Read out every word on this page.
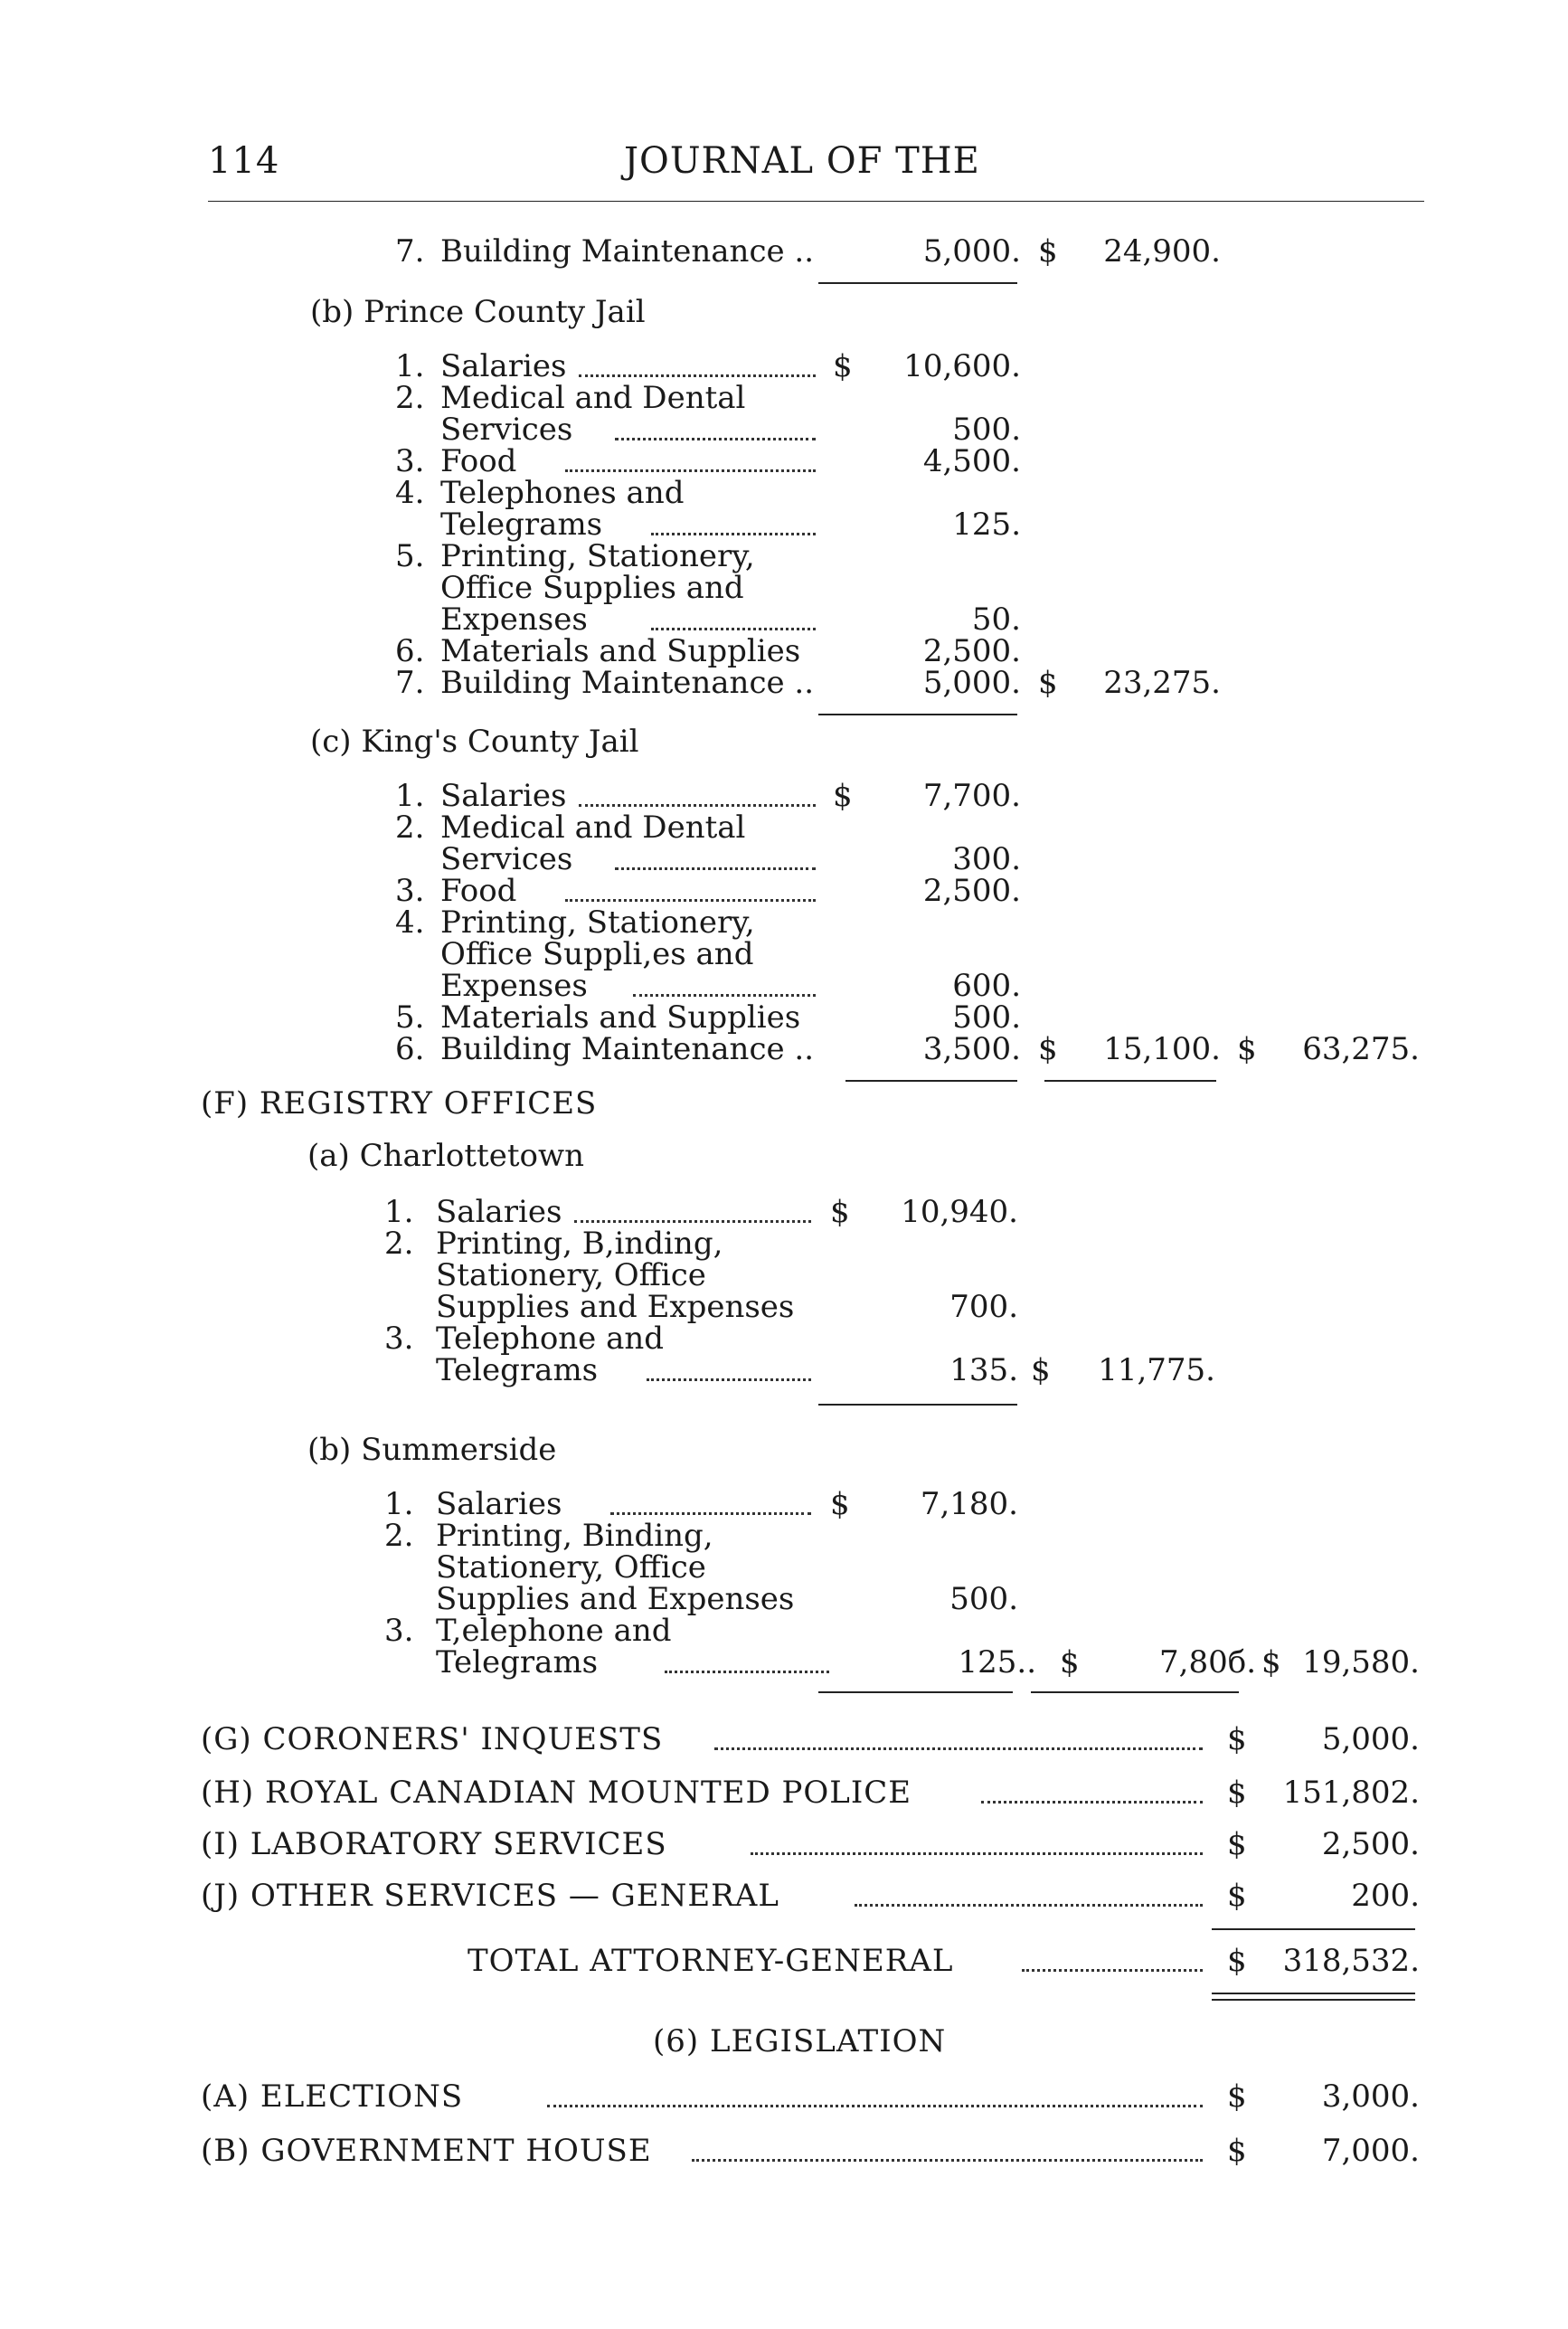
114	JOURNAL OF THE
7. Building Maintenance ..	5,000. $ 24,900.
(b) Prince County Jail
1. Salaries	$ 10,600.
2. Medical and Dental
Services	500.
3. Food	4,500.
4. Telephones and
Telegrams	125.
5. Printing, Stationery,
Office Supplies and
Expenses	50.
6. Materials and Supplies	2,500.
7. Building Maintenance ..	5,000. $ 23,275.
(c) King's County Jail
1. Salaries	$ 7,700.
2. Medical and Dental
Services	300.
3. Food	2,500.
4. Printing, Stationery,
Office Suppli,es and
Expenses	600.
5. Materials and Supplies	500.
6. Building Maintenance ..	3,500. $ 15,100. $ 63,275.
(F) REGISTRY OFFICES
(a) Charlottetown
1. Salaries	$ 10,940.
2. Printing, B,inding,
Stationery, Office
Supplies and Expenses	700.
3. Telephone and
Telegrams	135. $ 11,775.
(b) Summerside
1. Salaries	$ 7,180.
2. Printing, Binding,
Stationery, Office
Supplies and Expenses	500.
3. T,elephone and
Telegrams	125.. $	7,80б. $ 19,580.
(G) CORONERS' INQUESTS	$ 5,000.
(H) ROYAL CANADIAN MOUNTED POLICE	$ 151,802.
(I) LABORATORY SERVICES	$ 2,500.
(J) OTHER SERVICES — GENERAL	$	200.
TOTAL ATTORNEY-GENERAL	$ 318,532.
(6) LEGISLATION
(A) ELECTIONS	$ 3,000.
(B) GOVERNMENT HOUSE	$ 7,000.
